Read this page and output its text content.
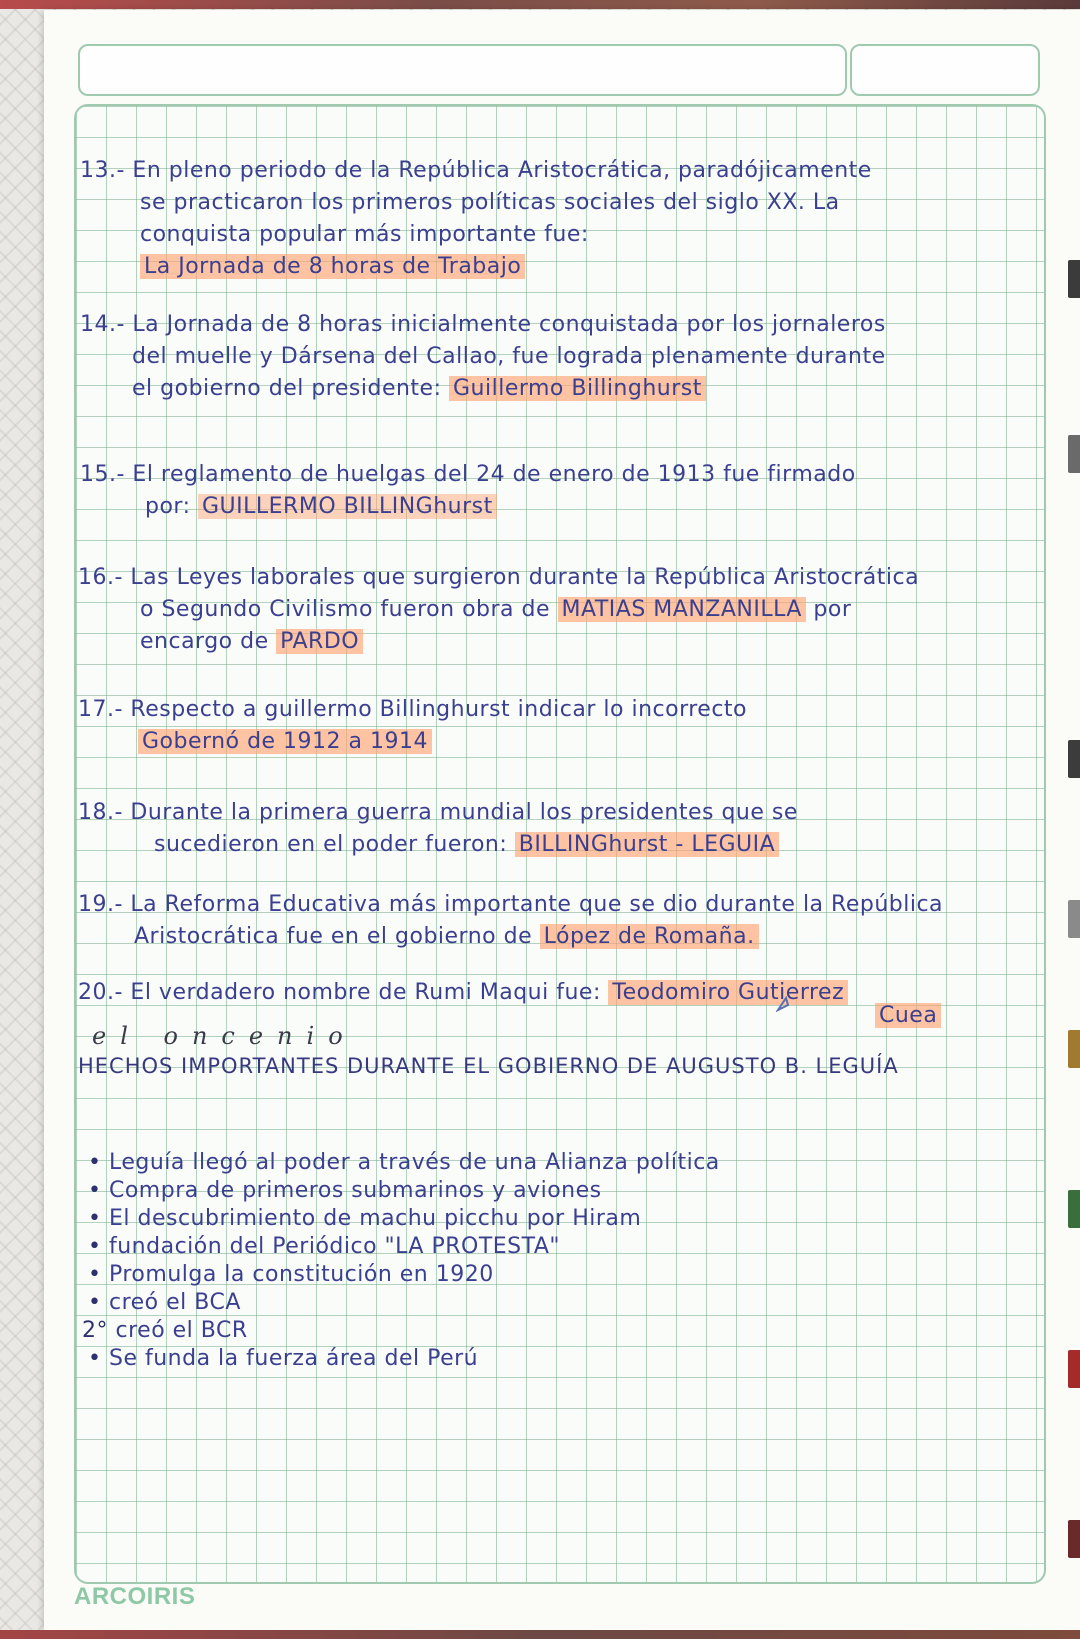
13.- En pleno periodo de la República Aristocrática, paradójicamente
se practicaron los primeros políticas sociales del siglo XX. La
conquista popular más importante fue:
La Jornada de 8 horas de Trabajo
14.- La Jornada de 8 horas inicialmente conquistada por los jornaleros
del muelle y Dársena del Callao, fue lograda plenamente durante
el gobierno del presidente: Guillermo Billinghurst
15.- El reglamento de huelgas del 24 de enero de 1913 fue firmado
por: GUILLERMO BILLINGhurst
16.- Las Leyes laborales que surgieron durante la República Aristocrática
o Segundo Civilismo fueron obra de MATIAS MANZANILLA por
encargo de PARDO
17.- Respecto a guillermo Billinghurst indicar lo incorrecto
Gobernó de 1912 a 1914
18.- Durante la primera guerra mundial los presidentes que se
sucedieron en el poder fueron: BILLINGhurst - LEGUIA
19.- La Reforma Educativa más importante que se dio durante la República
Aristocrática fue en el gobierno de López de Romaña.
20.- El verdadero nombre de Rumi Maqui fue: Teodomiro Gutierrez
Cuea
el oncenio
HECHOS IMPORTANTES DURANTE EL GOBIERNO DE AUGUSTO B. LEGUÍA
• Leguía llegó al poder a través de una Alianza política
• Compra de primeros submarinos y aviones
• El descubrimiento de machu picchu por Hiram
• fundación del Periódico "LA PROTESTA"
• Promulga la constitución en 1920
• creó el BCA
2° creó el BCR
• Se funda la fuerza área del Perú
ARCOIRIS
